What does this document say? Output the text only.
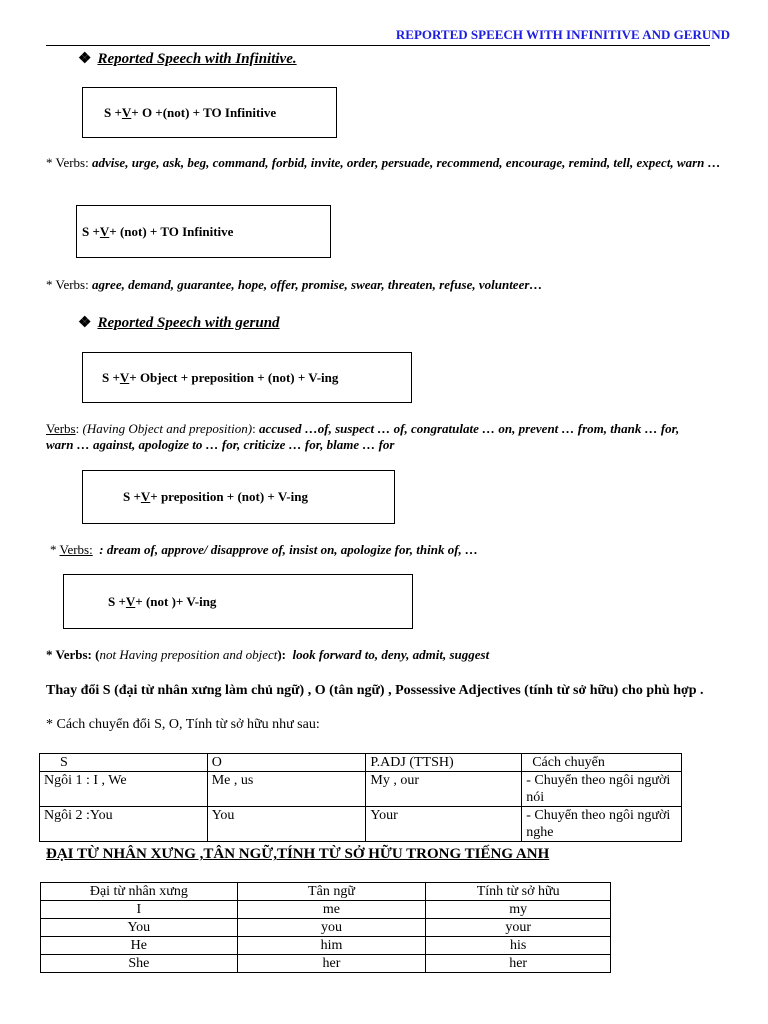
REPORTED SPEECH WITH INFINITIVE AND GERUND
❖ Reported Speech with Infinitive.
S + V + O +(not) + TO Infinitive
* Verbs: advise, urge, ask, beg, command, forbid, invite, order, persuade, recommend, encourage, remind, tell, expect, warn …
S + V + (not) + TO Infinitive
* Verbs: agree, demand, guarantee, hope, offer, promise, swear, threaten, refuse, volunteer…
❖ Reported Speech with gerund
S + V + Object + preposition + (not) + V-ing
Verbs: (Having Object and preposition): accused …of, suspect … of, congratulate … on, prevent … from, thank … for, warn … against, apologize to … for, criticize … for, blame … for
S + V + preposition + (not) + V-ing
* Verbs:  : dream of, approve/ disapprove of, insist on, apologize for, think of, …
S + V + (not )+ V-ing
* Verbs: (not Having preposition and object):  look forward to, deny, admit, suggest
Thay đổi S (đại từ nhân xưng làm chủ ngữ) , O (tân ngữ) , Possessive Adjectives (tính từ sở hữu) cho phù hợp .
* Cách chuyển đổi S, O, Tính từ sở hữu như sau:
S	O	P.ADJ (TTSH)	Cách chuyển
Ngôi 1 : I , We	Me , us	My , our	- Chuyển theo ngôi người nói
Ngôi 2 :You	You	Your	- Chuyển theo ngôi người nghe
ĐẠI TỪ NHÂN XƯNG ,TÂN NGỮ,TÍNH TỪ SỞ HỮU TRONG TIẾNG ANH
Đại từ nhân xưng	Tân ngữ	Tính từ sở hữu
I	me	my
You	you	your
He	him	his
She	her	her
